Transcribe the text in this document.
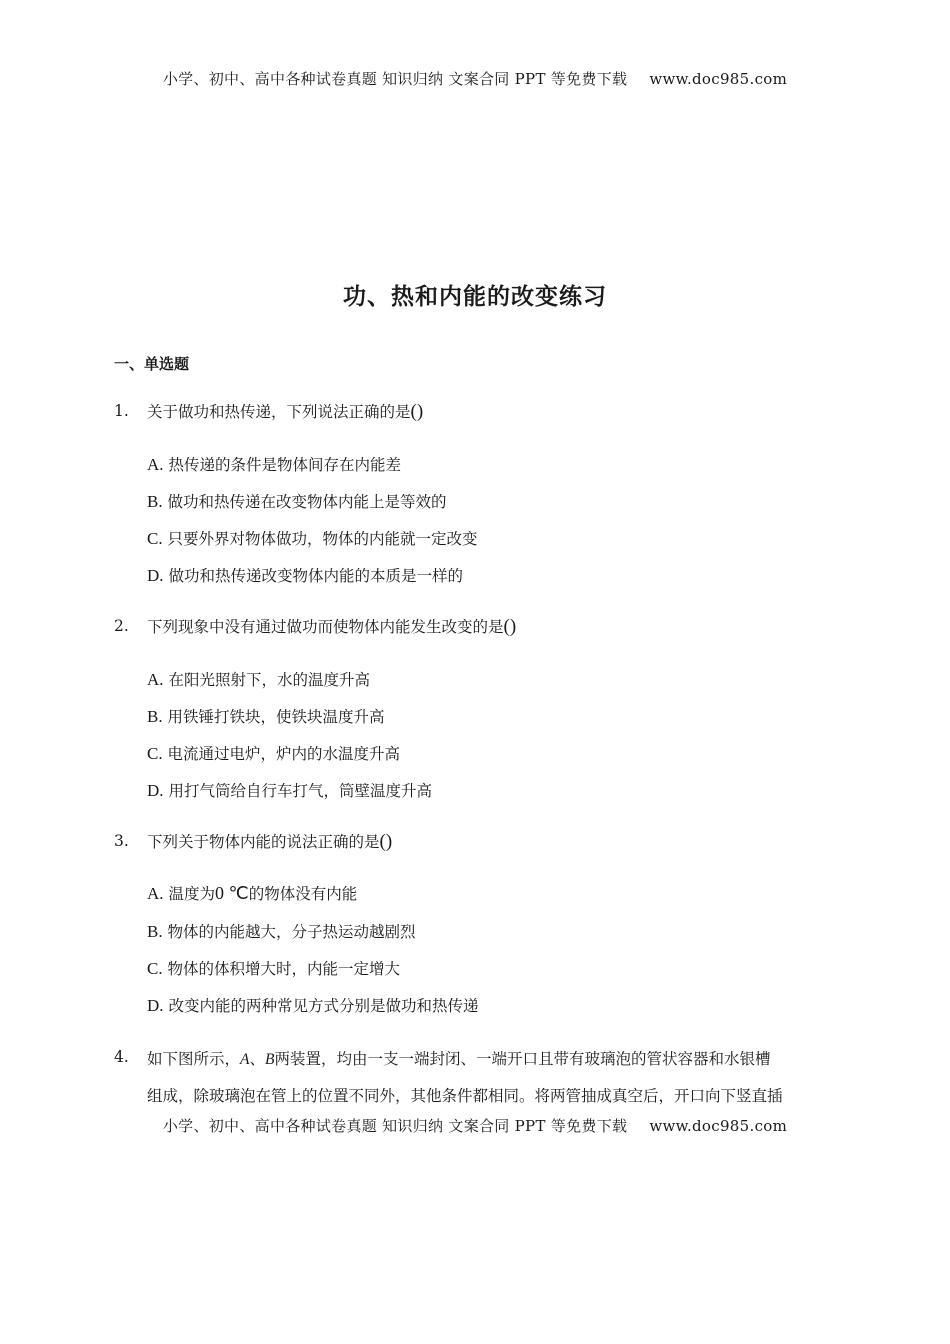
小学、初中、高中各种试卷真题 知识归纳 文案合同 PPT 等免费下载 www.doc985.com
功、热和内能的改变练习
一、单选题
1. 关于做功和热传递，下列说法正确的是()
A. 热传递的条件是物体间存在内能差
B. 做功和热传递在改变物体内能上是等效的
C. 只要外界对物体做功，物体的内能就一定改变
D. 做功和热传递改变物体内能的本质是一样的
2. 下列现象中没有通过做功而使物体内能发生改变的是()
A. 在阳光照射下，水的温度升高
B. 用铁锤打铁块，使铁块温度升高
C. 电流通过电炉，炉内的水温度升高
D. 用打气筒给自行车打气，筒壁温度升高
3. 下列关于物体内能的说法正确的是()
A. 温度为0 ℃的物体没有内能
B. 物体的内能越大，分子热运动越剧烈
C. 物体的体积增大时，内能一定增大
D. 改变内能的两种常见方式分别是做功和热传递
4. 如下图所示，A、B两装置，均由一支一端封闭、一端开口且带有玻璃泡的管状容器和水银槽
组成，除玻璃泡在管上的位置不同外，其他条件都相同。将两管抽成真空后，开口向下竖直插
小学、初中、高中各种试卷真题 知识归纳 文案合同 PPT 等免费下载 www.doc985.com
